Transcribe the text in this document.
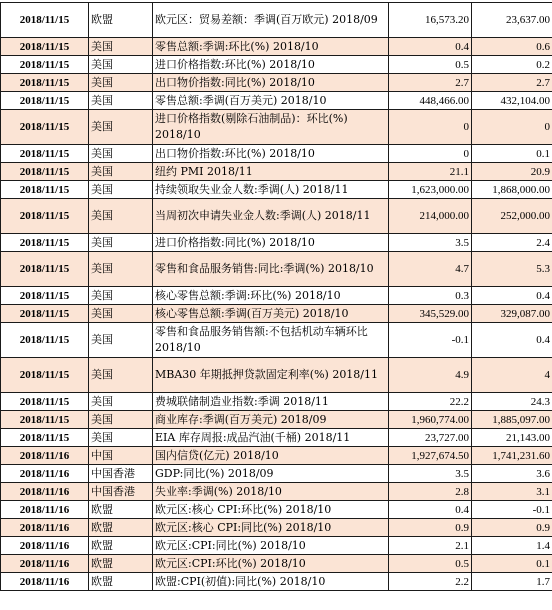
2018/11/15	欧盟	欧元区：贸易差额：季调(百万欧元) 2018/09	16,573.20	23,637.00
2018/11/15	美国	零售总额:季调:环比(%) 2018/10	0.4	0.6
2018/11/15	美国	进口价格指数:环比(%) 2018/10	0.5	0.2
2018/11/15	美国	出口物价指数:同比(%) 2018/10	2.7	2.7
2018/11/15	美国	零售总额:季调(百万美元) 2018/10	448,466.00	432,104.00
2018/11/15	美国	进口价格指数(剔除石油制品)：环比(%) 2018/10	0	0
2018/11/15	美国	出口物价指数:环比(%) 2018/10	0	0.1
2018/11/15	美国	纽约 PMI 2018/11	21.1	20.9
2018/11/15	美国	持续领取失业金人数:季调(人) 2018/11	1,623,000.00	1,868,000.00
2018/11/15	美国	当周初次申请失业金人数:季调(人) 2018/11	214,000.00	252,000.00
2018/11/15	美国	进口价格指数:同比(%) 2018/10	3.5	2.4
2018/11/15	美国	零售和食品服务销售:同比:季调(%) 2018/10	4.7	5.3
2018/11/15	美国	核心零售总额:季调:环比(%) 2018/10	0.3	0.4
2018/11/15	美国	核心零售总额:季调(百万美元) 2018/10	345,529.00	329,087.00
2018/11/15	美国	零售和食品服务销售额:不包括机动车辆环比 2018/10	-0.1	0.4
2018/11/15	美国	MBA30 年期抵押贷款固定利率(%) 2018/11	4.9	4
2018/11/15	美国	费城联储制造业指数:季调 2018/11	22.2	24.3
2018/11/15	美国	商业库存:季调(百万美元) 2018/09	1,960,774.00	1,885,097.00
2018/11/15	美国	EIA 库存周报:成品汽油(千桶) 2018/11	23,727.00	21,143.00
2018/11/16	中国	国内信贷(亿元) 2018/10	1,927,674.50	1,741,231.60
2018/11/16	中国香港	GDP:同比(%) 2018/09	3.5	3.6
2018/11/16	中国香港	失业率:季调(%) 2018/10	2.8	3.1
2018/11/16	欧盟	欧元区:核心 CPI:环比(%) 2018/10	0.4	-0.1
2018/11/16	欧盟	欧元区:核心 CPI:同比(%) 2018/10	0.9	0.9
2018/11/16	欧盟	欧元区:CPI:同比(%) 2018/10	2.1	1.4
2018/11/16	欧盟	欧元区:CPI:环比(%) 2018/10	0.5	0.1
2018/11/16	欧盟	欧盟:CPI(初值):同比(%) 2018/10	2.2	1.7
